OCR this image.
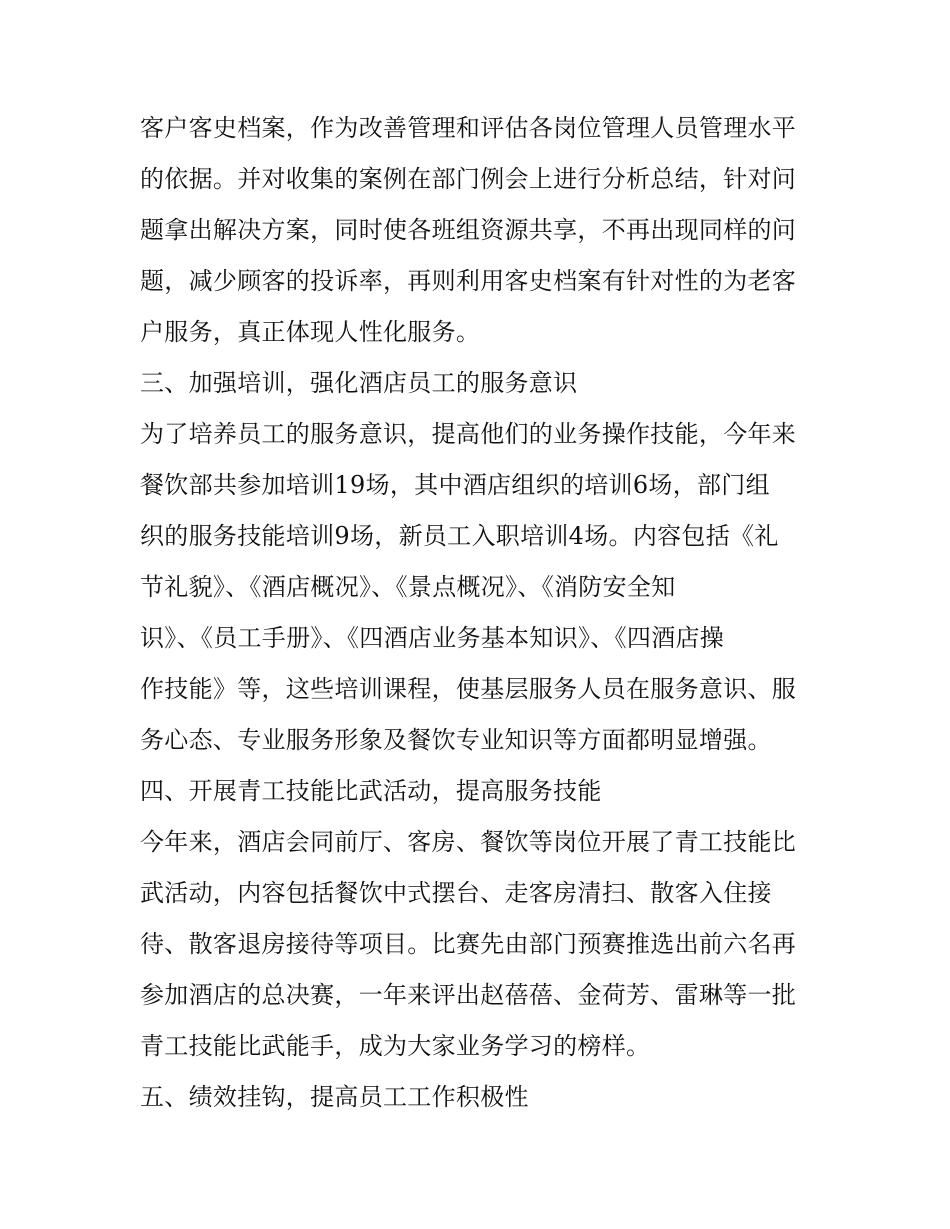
客户客史档案，作为改善管理和评估各岗位管理人员管理水平
的依据。并对收集的案例在部门例会上进行分析总结，针对问
题拿出解决方案，同时使各班组资源共享，不再出现同样的问
题，减少顾客的投诉率，再则利用客史档案有针对性的为老客
户服务，真正体现人性化服务。
三、加强培训，强化酒店员工的服务意识
为了培养员工的服务意识，提高他们的业务操作技能，今年来
餐饮部共参加培训19场，其中酒店组织的培训6场，部门组
织的服务技能培训9场，新员工入职培训4场。内容包括《礼
节礼貌》、《酒店概况》、《景点概况》、《消防安全知
识》、《员工手册》、《四酒店业务基本知识》、《四酒店操
作技能》等，这些培训课程，使基层服务人员在服务意识、服
务心态、专业服务形象及餐饮专业知识等方面都明显增强。
四、开展青工技能比武活动，提高服务技能
今年来，酒店会同前厅、客房、餐饮等岗位开展了青工技能比
武活动，内容包括餐饮中式摆台、走客房清扫、散客入住接
待、散客退房接待等项目。比赛先由部门预赛推选出前六名再
参加酒店的总决赛，一年来评出赵蓓蓓、金荷芳、雷琳等一批
青工技能比武能手，成为大家业务学习的榜样。
五、绩效挂钩，提高员工工作积极性
